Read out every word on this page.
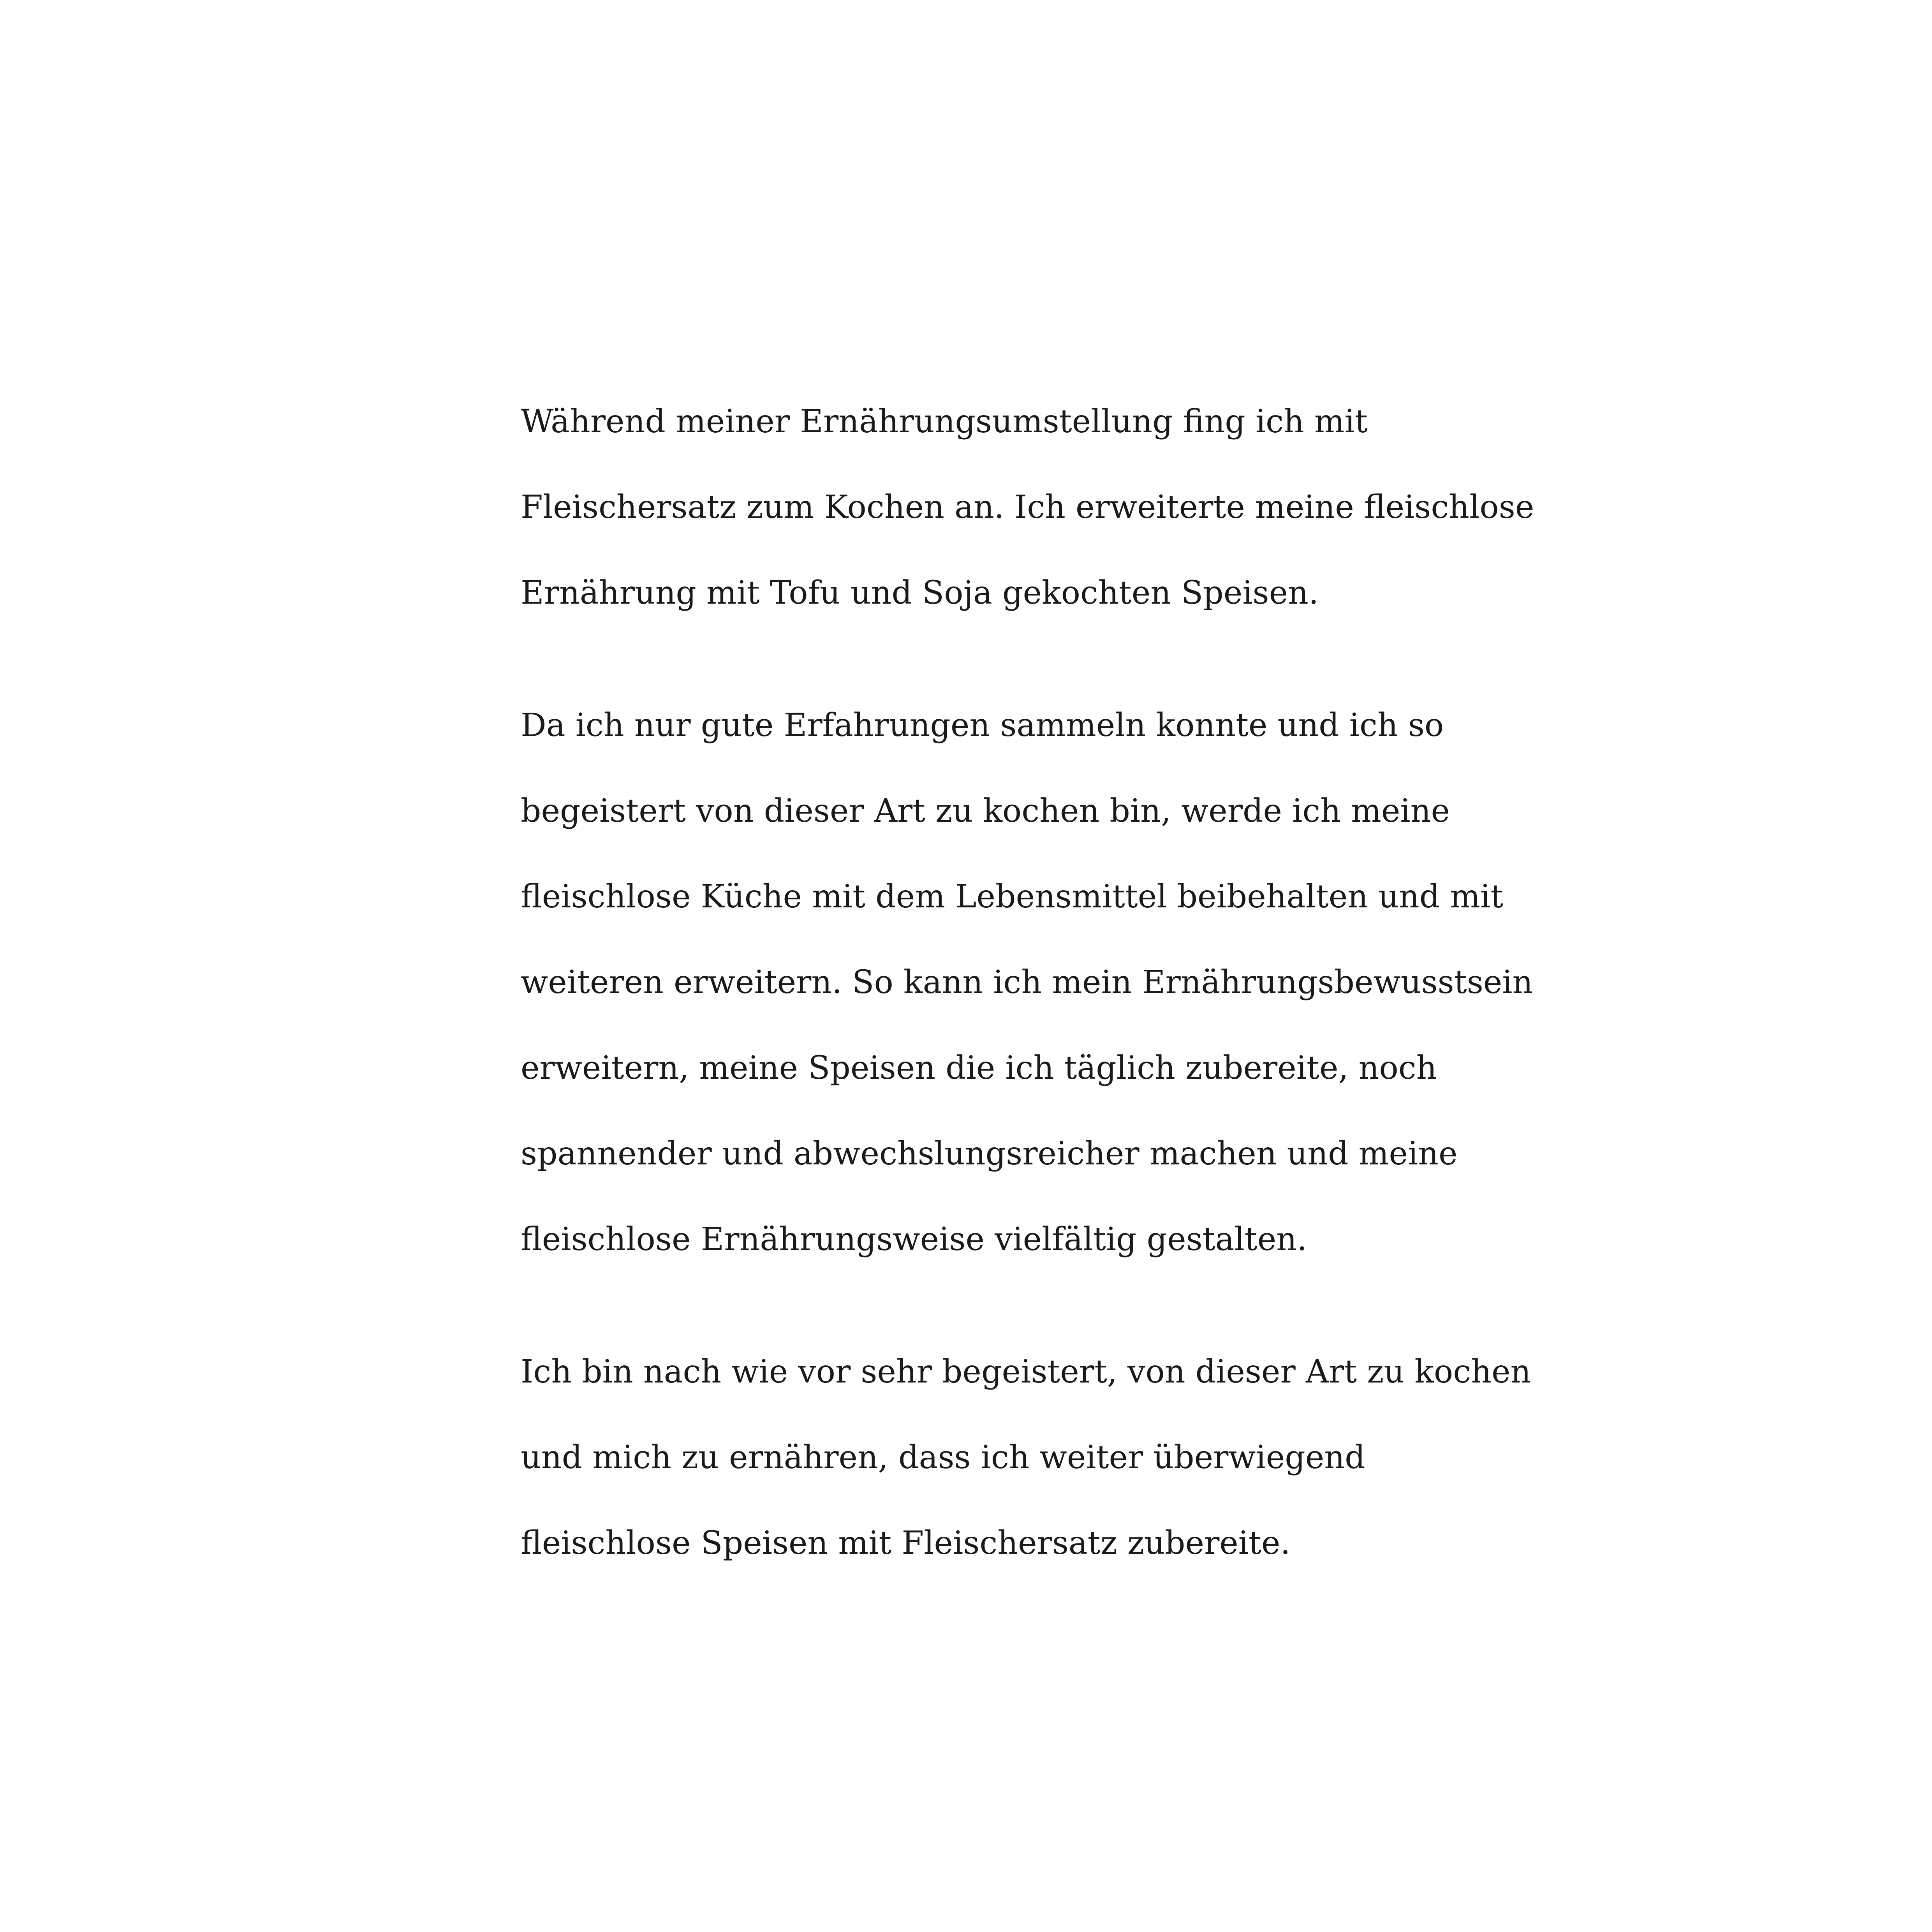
Während meiner Ernährungsumstellung fing ich mit
Fleischersatz zum Kochen an. Ich erweiterte meine fleischlose
Ernährung mit Tofu und Soja gekochten Speisen.
Da ich nur gute Erfahrungen sammeln konnte und ich so
begeistert von dieser Art zu kochen bin, werde ich meine
fleischlose Küche mit dem Lebensmittel beibehalten und mit
weiteren erweitern. So kann ich mein Ernährungsbewusstsein
erweitern, meine Speisen die ich täglich zubereite, noch
spannender und abwechslungsreicher machen und meine
fleischlose Ernährungsweise vielfältig gestalten.
Ich bin nach wie vor sehr begeistert, von dieser Art zu kochen
und mich zu ernähren, dass ich weiter überwiegend
fleischlose Speisen mit Fleischersatz zubereite.
